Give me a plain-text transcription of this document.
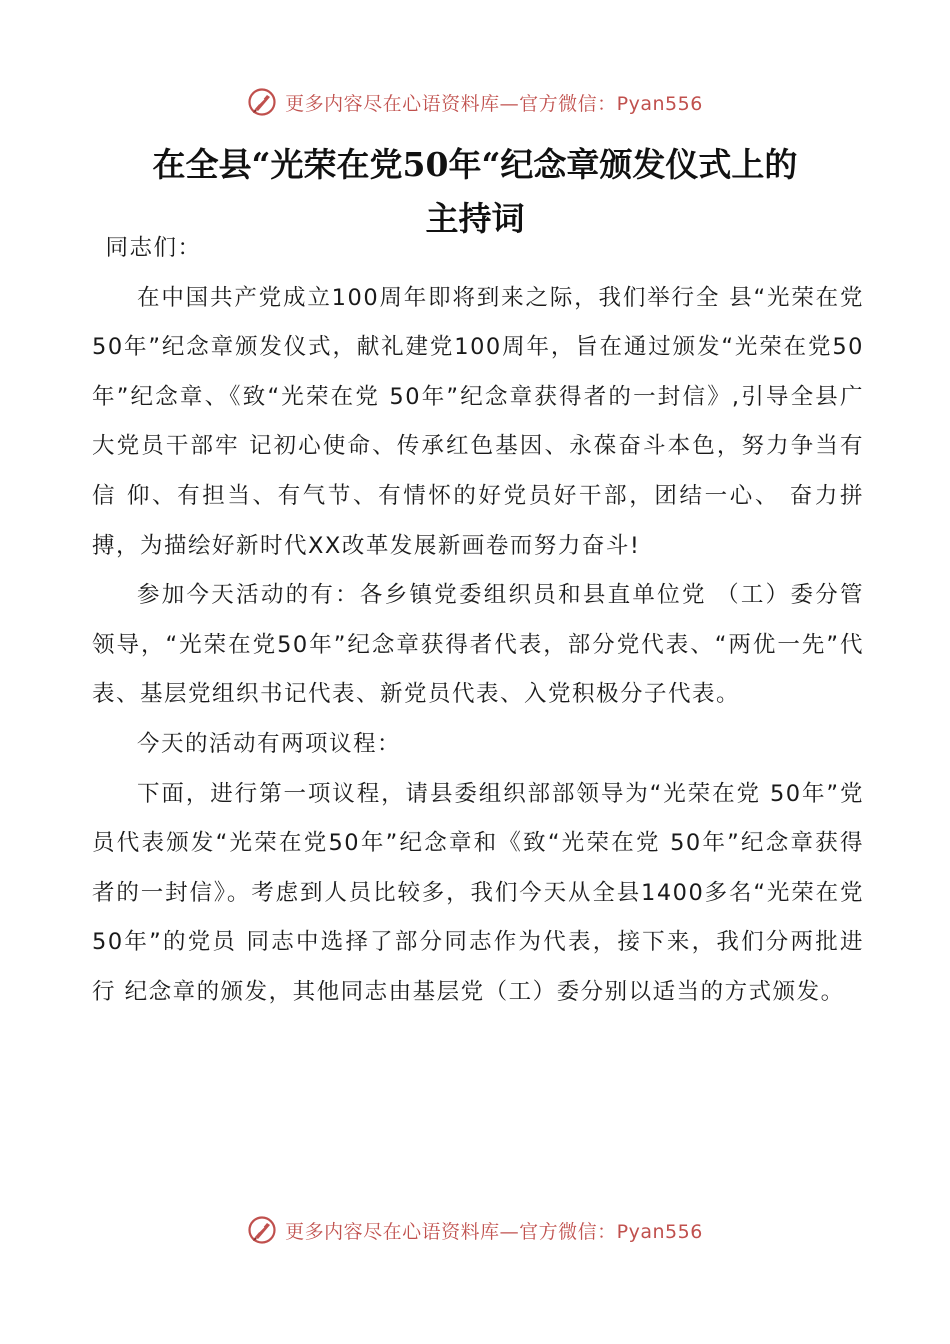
更多内容尽在心语资料库—官方微信：Pyan556
在全县“光荣在党50年“纪念章颁发仪式上的
主持词

同志们：

在中国共产党成立100周年即将到来之际，我们举行全 县“光荣在党50年”纪念章颁发仪式，献礼建党100周年，旨在通过颁发“光荣在党50年”纪念章、《致“光荣在党 50年”纪念章获得者的一封信》,引导全县广大党员干部牢 记初心使命、传承红色基因、永葆奋斗本色，努力争当有信 仰、有担当、有气节、有情怀的好党员好干部，团结一心、 奋力拼搏，为描绘好新时代XX改革发展新画卷而努力奋斗!

参加今天活动的有：各乡镇党委组织员和县直单位党 （工）委分管领导，“光荣在党50年”纪念章获得者代表，部分党代表、“两优一先”代表、基层党组织书记代表、新党员代表、入党积极分子代表。

今天的活动有两项议程：

下面，进行第一项议程，请县委组织部部领导为“光荣在党 50年”党员代表颁发“光荣在党50年”纪念章和《致“光荣在党 50年”纪念章获得者的一封信》。考虑到人员比较多，我们今天从全县1400多名“光荣在党50年”的党员 同志中选择了部分同志作为代表，接下来，我们分两批进行 纪念章的颁发，其他同志由基层党（工）委分别以适当的方式颁发。

更多内容尽在心语资料库—官方微信：Pyan556
